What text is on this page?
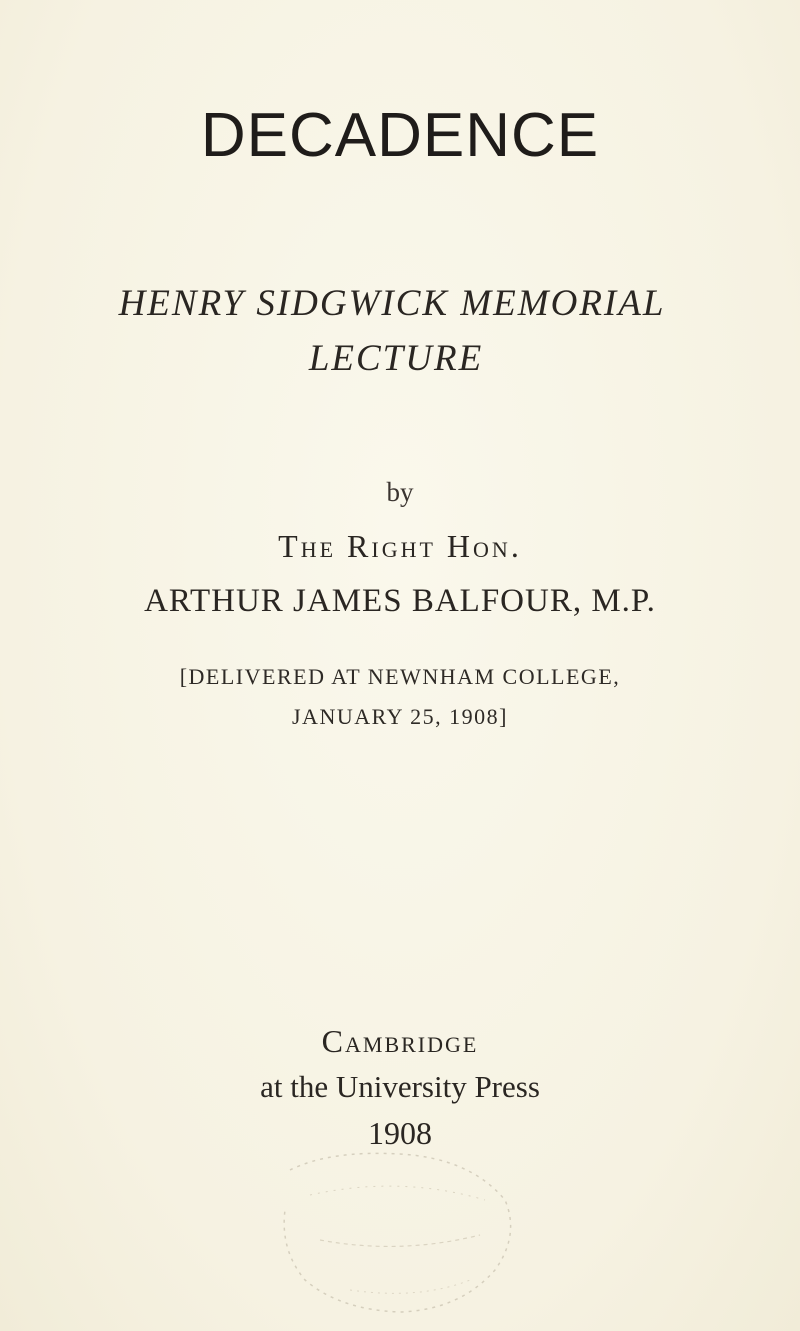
DECADENCE
HENRY SIDGWICK MEMORIAL
LECTURE
by
The Right Hon.
ARTHUR JAMES BALFOUR, M.P.
[DELIVERED AT NEWNHAM COLLEGE,
JANUARY 25, 1908]
Cambridge
at the University Press
1908
